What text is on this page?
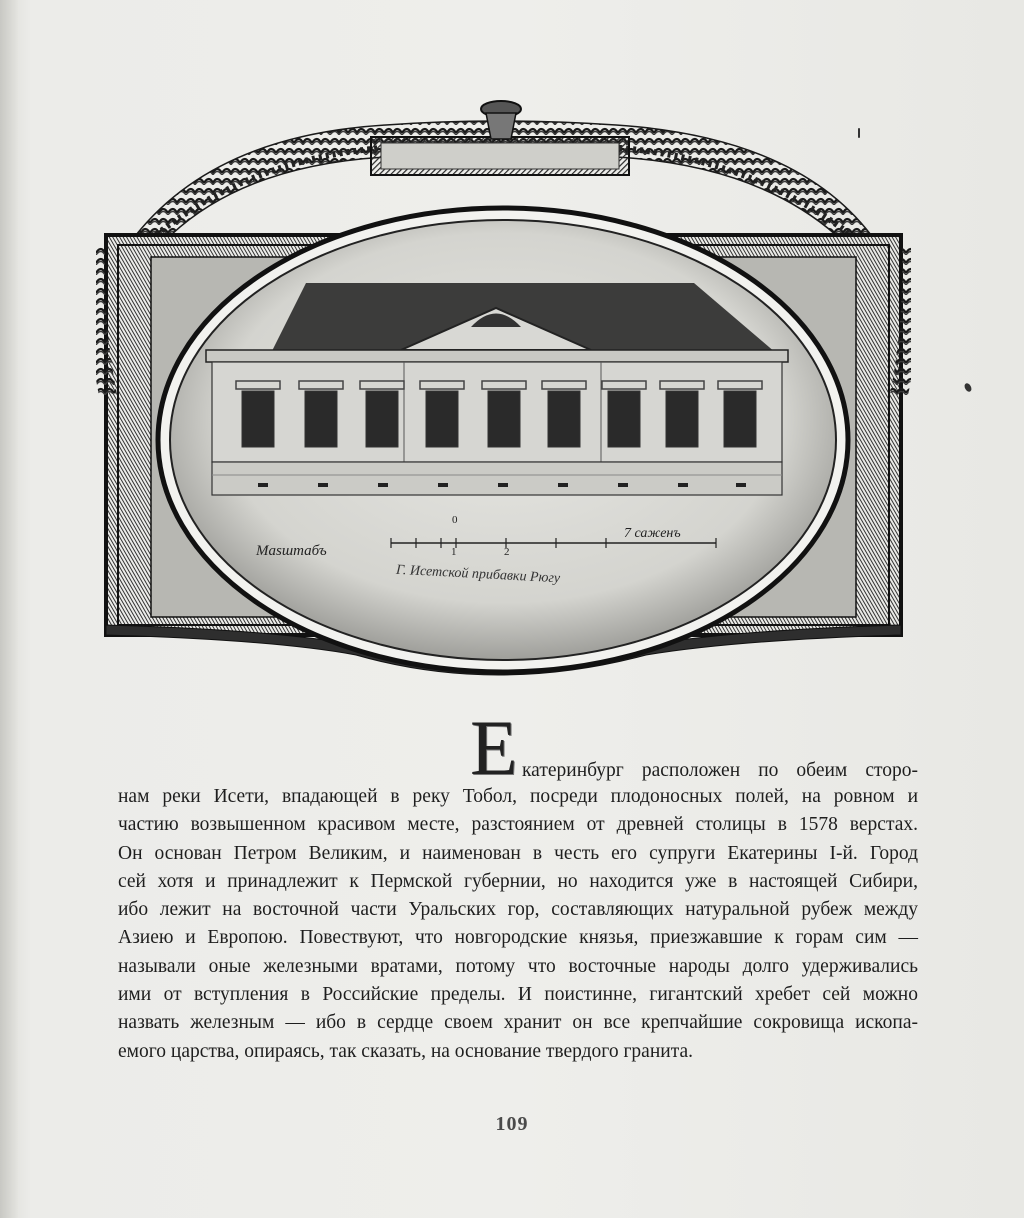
Masштабъ
7 саженъ
0
1	2
Г. Исетской прибавки Рюгу
Е катеринбург расположен по обеим сторо-
нам реки Исети, впадающей в реку Тобол, посреди плодоносных полей, на ровном и
частию возвышенном красивом месте, разстоянием от древней столицы в 1578 верстах.
Он основан Петром Великим, и наименован в честь его супруги Екатерины I-й. Город
сей хотя и принадлежит к Пермской губернии, но находится уже в настоящей Сибири,
ибо лежит на восточной части Уральских гор, составляющих натуральной рубеж между
Азиею и Европою. Повествуют, что новгородские князья, приезжавшие к горам сим —
называли оные железными вратами, потому что восточные народы долго удерживались
ими от вступления в Российские пределы. И поистинне, гигантский хребет сей можно
назвать железным — ибо в сердце своем хранит он все крепчайшие сокровища ископа-
емого царства, опираясь, так сказать, на основание твердого гранита.
109
